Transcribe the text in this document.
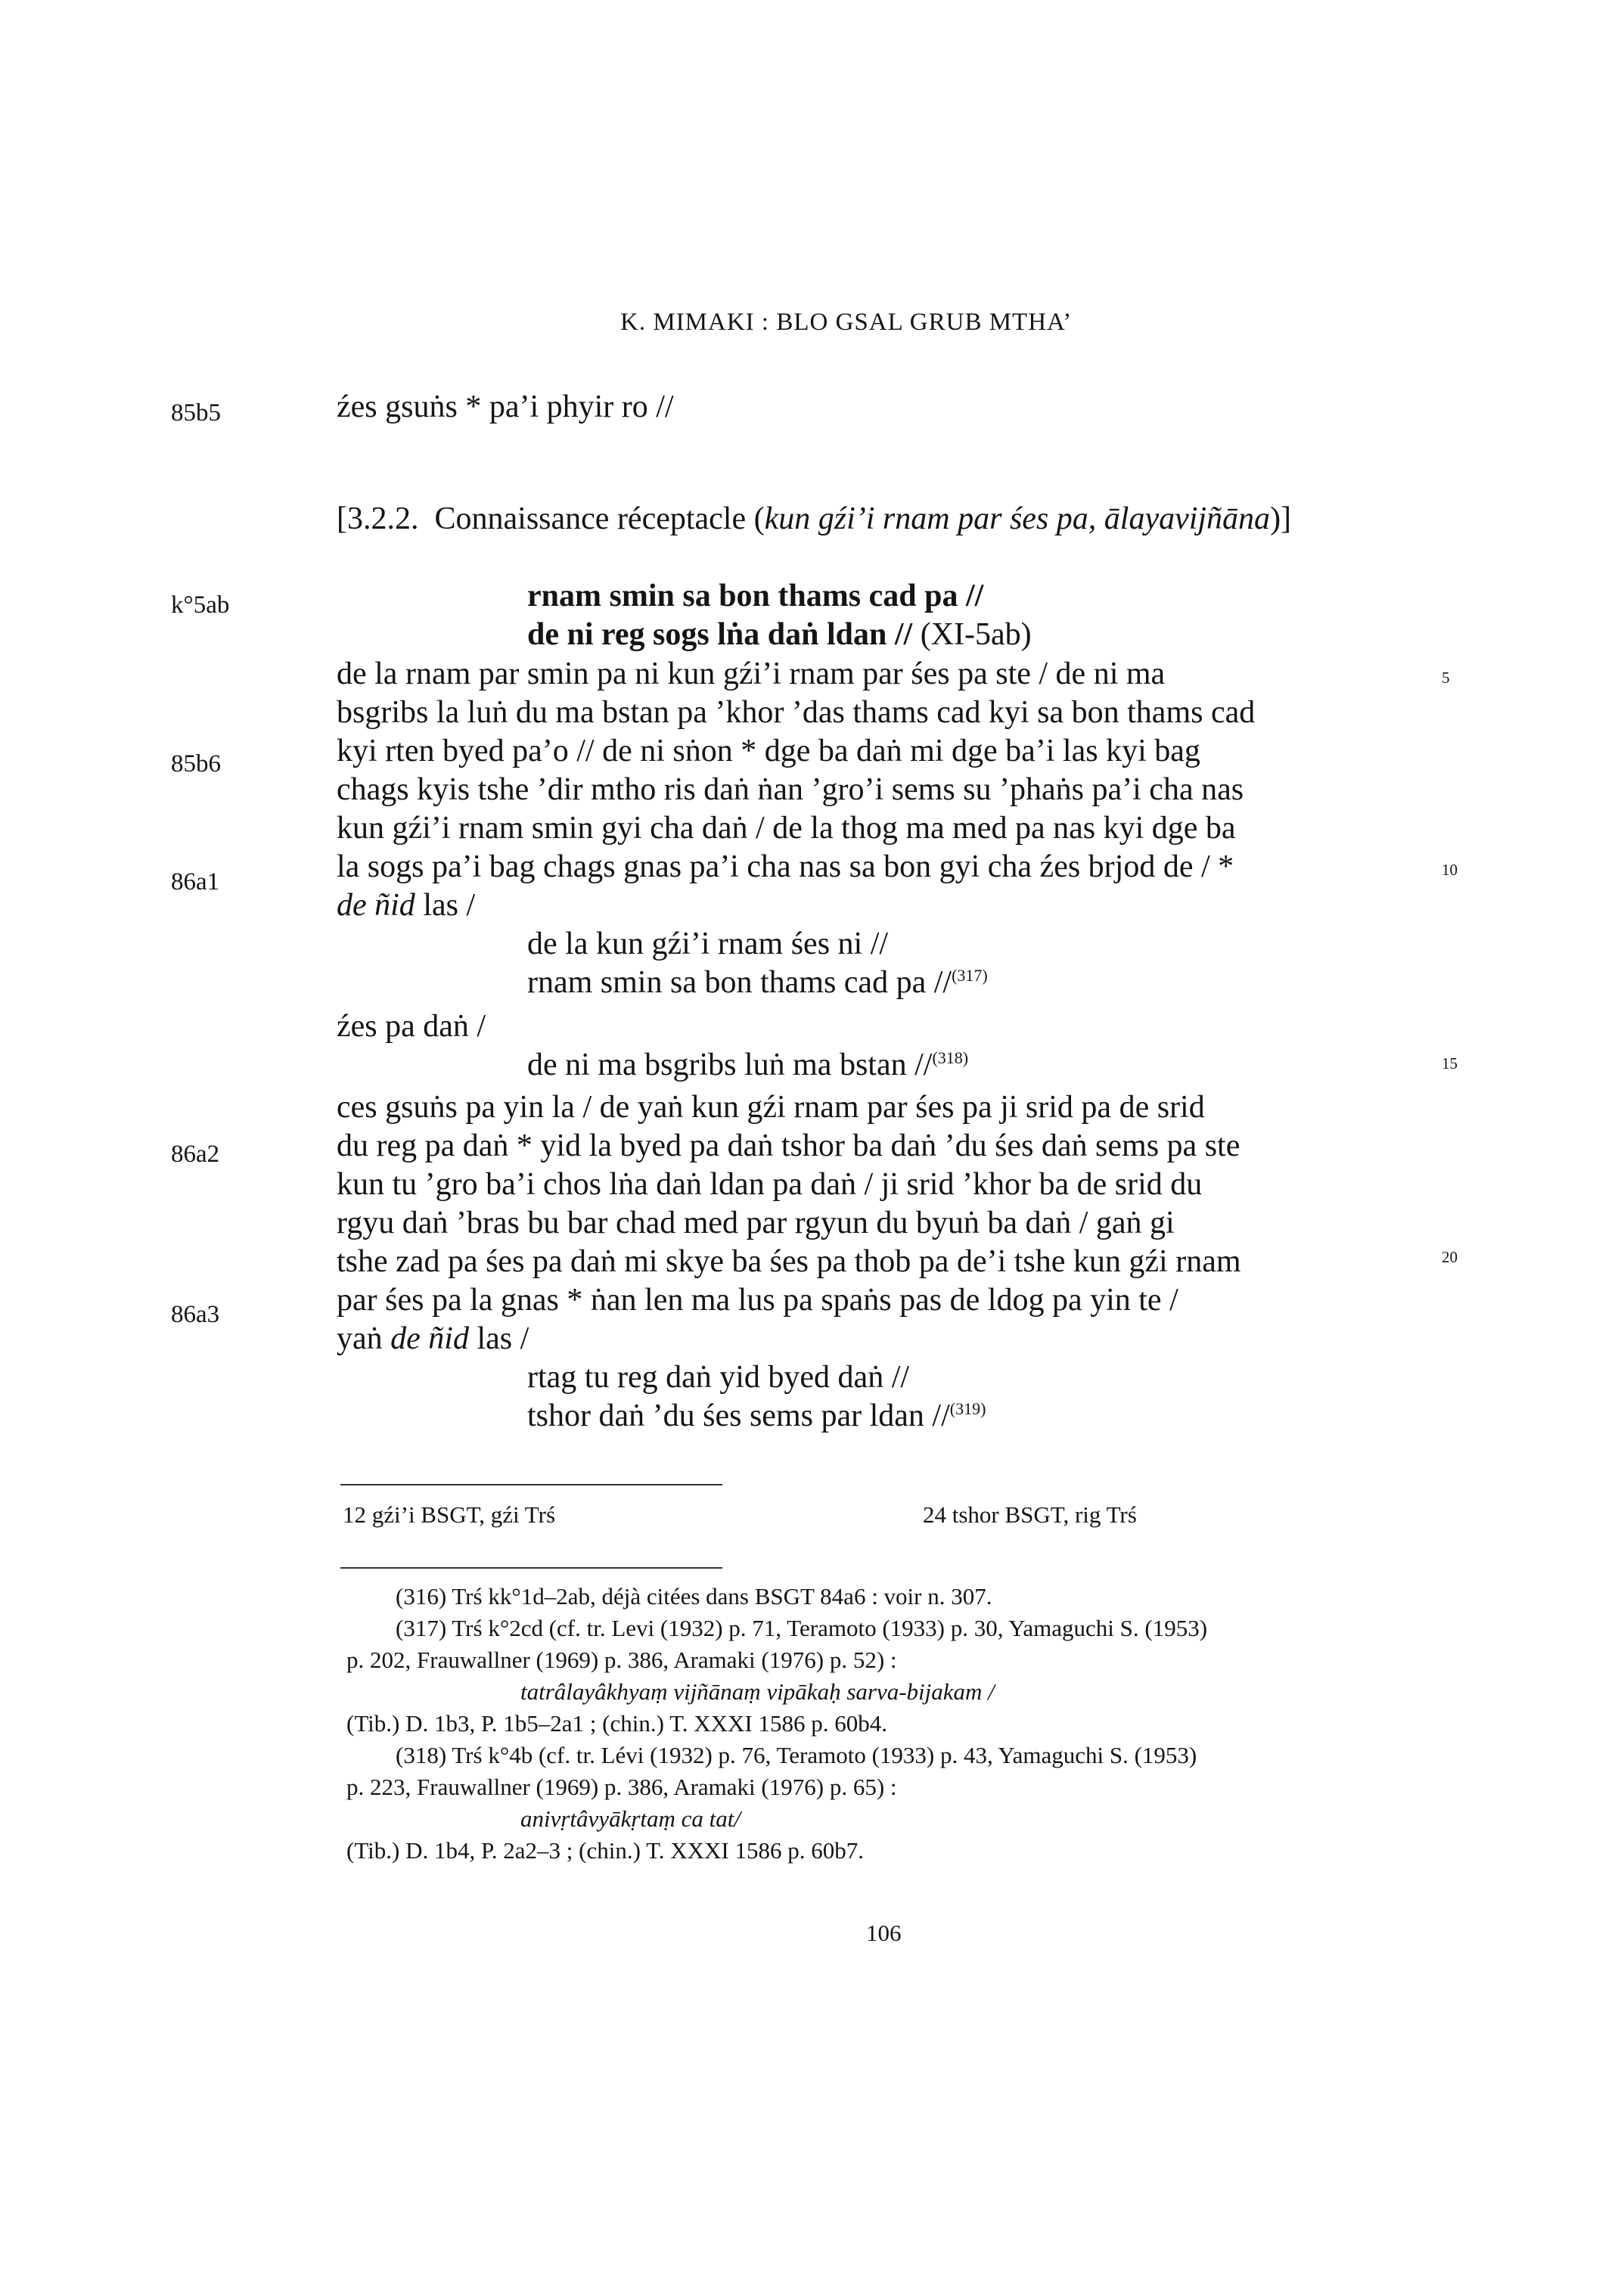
K. MIMAKI : BLO GSAL GRUB MTHA’
85b5
k°5ab
85b6
86a1
86a2
86a3
5
10
15
20
źes gsuṅs * pa’i phyir ro //
[3.2.2. Connaissance réceptacle (kun gźi’i rnam par śes pa, ālayavijñāna)]
rnam smin sa bon thams cad pa //
de ni reg sogs lṅa daṅ ldan // (XI-5ab)
de la rnam par smin pa ni kun gźi’i rnam par śes pa ste / de ni ma
bsgribs la luṅ du ma bstan pa ’khor ’das thams cad kyi sa bon thams cad
kyi rten byed pa’o // de ni sṅon * dge ba daṅ mi dge ba’i las kyi bag
chags kyis tshe ’dir mtho ris daṅ ṅan ’gro’i sems su ’phaṅs pa’i cha nas
kun gźi’i rnam smin gyi cha daṅ / de la thog ma med pa nas kyi dge ba
la sogs pa’i bag chags gnas pa’i cha nas sa bon gyi cha źes brjod de / *
de ñid las /
de la kun gźi’i rnam śes ni //
rnam smin sa bon thams cad pa //$^{(317)}$
źes pa daṅ /
de ni ma bsgribs luṅ ma bstan //$^{(318)}$
ces gsuṅs pa yin la / de yaṅ kun gźi rnam par śes pa ji srid pa de srid
du reg pa daṅ * yid la byed pa daṅ tshor ba daṅ ’du śes daṅ sems pa ste
kun tu ’gro ba’i chos lṅa daṅ ldan pa daṅ / ji srid ’khor ba de srid du
rgyu daṅ ’bras bu bar chad med par rgyun du byuṅ ba daṅ / gaṅ gi
tshe zad pa śes pa daṅ mi skye ba śes pa thob pa de’i tshe kun gźi rnam
par śes pa la gnas * ṅan len ma lus pa spaṅs pas de ldog pa yin te /
yaṅ de ñid las /
rtag tu reg daṅ yid byed daṅ //
tshor daṅ ’du śes sems par ldan //$^{(319)}$
12 gźi’i BSGT, gźi Trś	24 tshor BSGT, rig Trś
(316) Trś kk°1d–2ab, déjà citées dans BSGT 84a6 : voir n. 307.
(317) Trś k°2cd (cf. tr. Levi (1932) p. 71, Teramoto (1933) p. 30, Yamaguchi S. (1953)
p. 202, Frauwallner (1969) p. 386, Aramaki (1976) p. 52) :
tatrâlayâkhyaṃ vijñānaṃ vipākaḥ sarva-bijakam /
(Tib.) D. 1b3, P. 1b5–2a1 ; (chin.) T. XXXI 1586 p. 60b4.
(318) Trś k°4b (cf. tr. Lévi (1932) p. 76, Teramoto (1933) p. 43, Yamaguchi S. (1953)
p. 223, Frauwallner (1969) p. 386, Aramaki (1976) p. 65) :
anivṛtâvyākṛtaṃ ca tat/
(Tib.) D. 1b4, P. 2a2–3 ; (chin.) T. XXXI 1586 p. 60b7.
106
